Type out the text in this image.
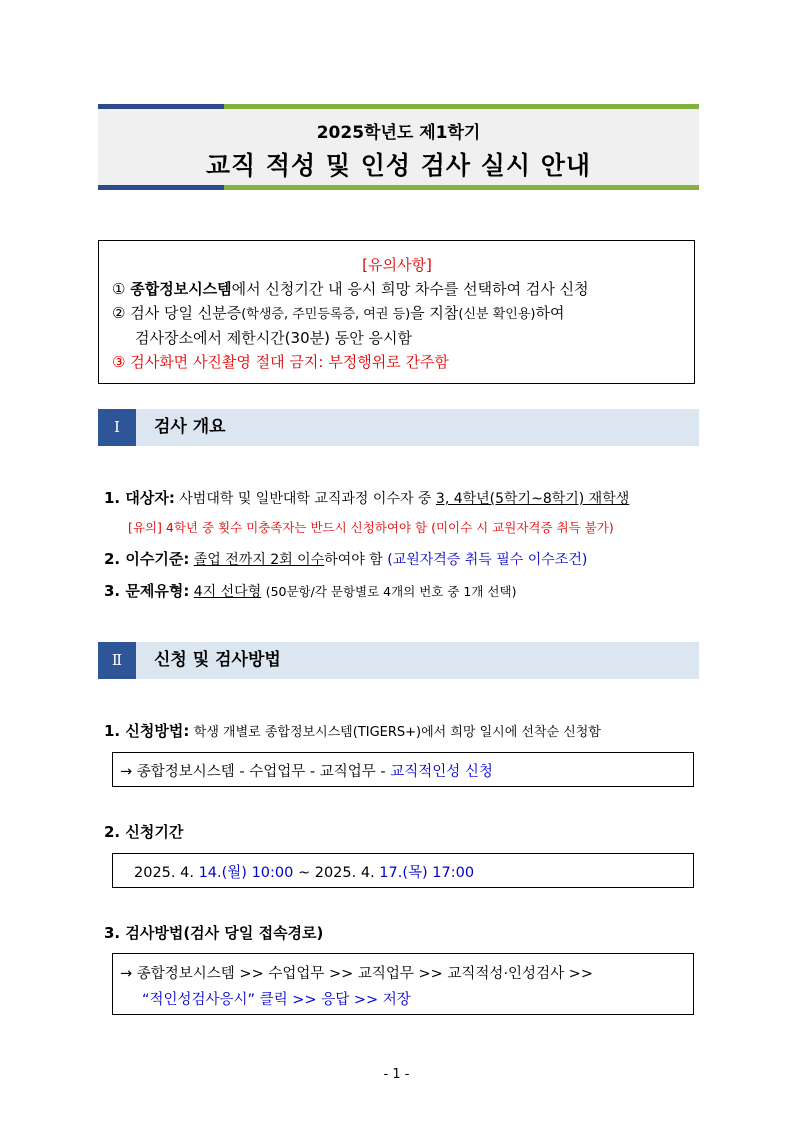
2025학년도 제1학기
교직 적성 및 인성 검사 실시 안내
[유의사항]
① 종합정보시스템에서 신청기간 내 응시 희망 차수를 선택하여 검사 신청
② 검사 당일 신분증(학생증, 주민등록증, 여권 등)을 지참(신분 확인용)하여
검사장소에서 제한시간(30분) 동안 응시함
③ 검사화면 사진촬영 절대 금지: 부정행위로 간주함
Ⅰ	검사 개요
1. 대상자: 사범대학 및 일반대학 교직과정 이수자 중 3, 4학년(5학기~8학기) 재학생
[유의] 4학년 중 횟수 미충족자는 반드시 신청하여야 함 (미이수 시 교원자격증 취득 불가)
2. 이수기준: 졸업 전까지 2회 이수하여야 함 (교원자격증 취득 필수 이수조건)
3. 문제유형: 4지 선다형 (50문항/각 문항별로 4개의 번호 중 1개 선택)
Ⅱ	신청 및 검사방법
1. 신청방법: 학생 개별로 종합정보시스템(TIGERS+)에서 희망 일시에 선착순 신청함
→ 종합정보시스템 - 수업업무 - 교직업무 - 교직적인성 신청
2. 신청기간
2025. 4. 14.(월) 10:00 ~ 2025. 4. 17.(목) 17:00
3. 검사방법(검사 당일 접속경로)
→ 종합정보시스템 >> 수업업무 >> 교직업무 >> 교직적성·인성검사 >>
“적인성검사응시” 클릭 >> 응답 >> 저장
- 1 -
